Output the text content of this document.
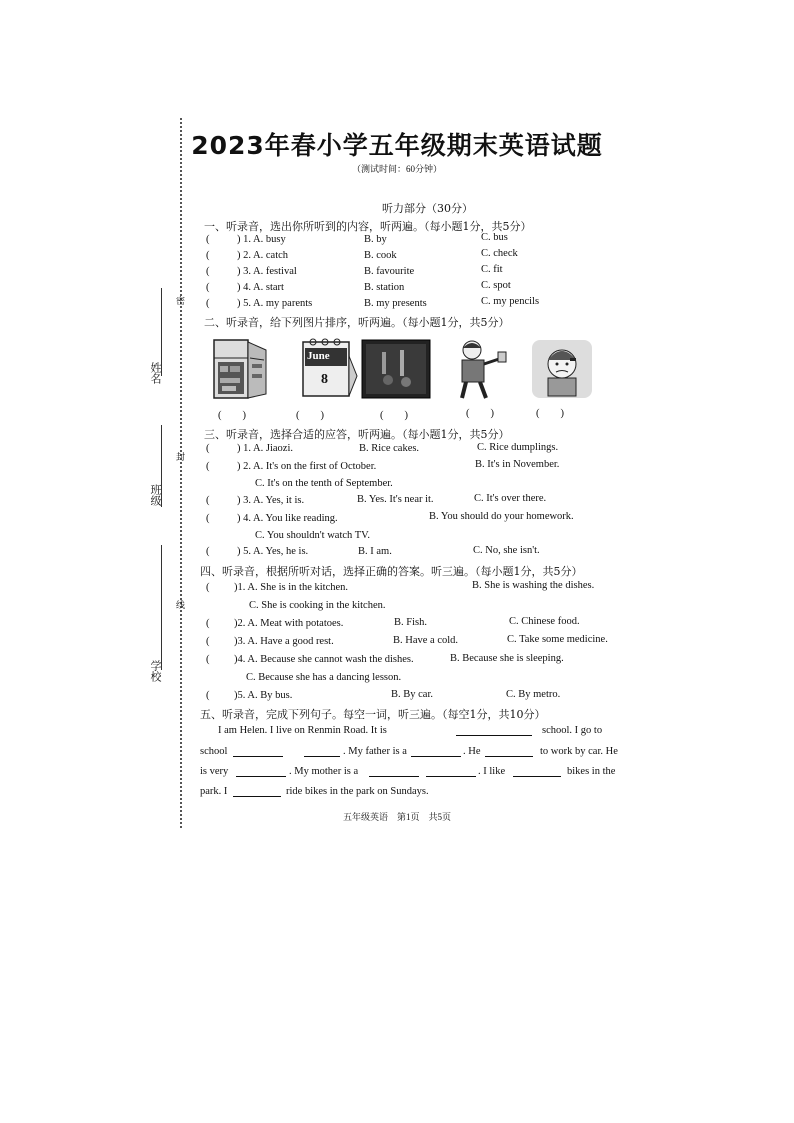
姓名
班级
学校
密
封
线
2023年春小学五年级期末英语试题
（测试时间：60分钟）
听力部分（30分）
一、听录音，选出你所听到的内容，听两遍。（每小题1分，共5分）
(	) 1. A. busy	B. by	C. bus
(	) 2. A. catch	B. cook	C. check
(	) 3. A. festival	B. favourite	C. fit
(	) 4. A. start	B. station	C. spot
(	) 5. A. my parents	B. my presents	C. my pencils
二、听录音，给下列图片排序，听两遍。（每小题1分，共5分）
June
8
(　　)	(　　)	(　　)	(　　)	(　　)
三、听录音，选择合适的应答，听两遍。（每小题1分，共5分）
(	) 1. A. Jiaozi.	B. Rice cakes.	C. Rice dumplings.
(	) 2. A. It's on the first of October.	B. It's in November.
C. It's on the tenth of September.
(	) 3. A. Yes, it is.	B. Yes. It's near it.	C. It's over there.
(	) 4. A. You like reading.	B. You should do your homework.
C. You shouldn't watch TV.
(	) 5. A. Yes, he is.	B. I am.	C. No, she isn't.
四、听录音，根据所听对话，选择正确的答案。听三遍。（每小题1分，共5分）
( )1. A. She is in the kitchen.	B. She is washing the dishes.
C. She is cooking in the kitchen.
( )2. A. Meat with potatoes.	B. Fish.	C. Chinese food.
( )3. A. Have a good rest.	B. Have a cold.	C. Take some medicine.
( )4. A. Because she cannot wash the dishes.	B. Because she is sleeping.
C. Because she has a dancing lesson.
( )5. A. By bus.	B. By car.	C. By metro.
五、听录音，完成下列句子。每空一词，听三遍。（每空1分，共10分）
I am Helen. I live on Renmin Road. It is	school. I go to
school	. My father is a	. He	to work by car. He
is very	. My mother is a	. I like	bikes in the
park. I	ride bikes in the park on Sundays.
五年级英语　第1页　共5页
